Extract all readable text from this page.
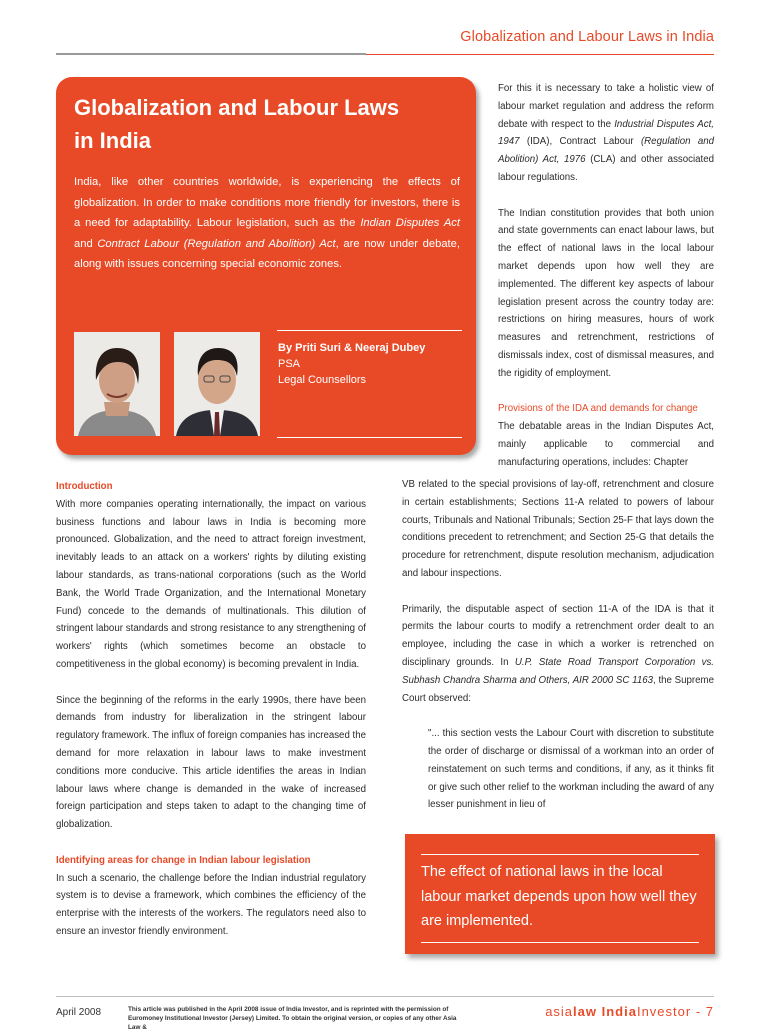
Globalization and Labour Laws in India
Globalization and Labour Laws
in India

India, like other countries worldwide, is experiencing the effects of globalization. In order to make conditions more friendly for investors, there is a need for adaptability. Labour legislation, such as the Indian Disputes Act and Contract Labour (Regulation and Abolition) Act, are now under debate, along with issues concerning special economic zones.

By Priti Suri & Neeraj Dubey
PSA
Legal Counsellors
Introduction

With more companies operating internationally, the impact on various business functions and labour laws in India is becoming more pronounced. Globalization, and the need to attract foreign investment, inevitably leads to an attack on a workers' rights by diluting existing labour standards, as trans-national corporations (such as the World Bank, the World Trade Organization, and the International Monetary Fund) concede to the demands of multinationals. This dilution of stringent labour standards and strong resistance to any strengthening of workers' rights (which sometimes become an obstacle to competitiveness in the global economy) is becoming prevalent in India.

Since the beginning of the reforms in the early 1990s, there have been demands from industry for liberalization in the stringent labour regulatory framework. The influx of foreign companies has increased the demand for more relaxation in labour laws to make investment conditions more conducive. This article identifies the areas in Indian labour laws where change is demanded in the wake of increased foreign participation and steps taken to adapt to the changing time of globalization.

Identifying areas for change in Indian labour legislation

In such a scenario, the challenge before the Indian industrial regulatory system is to devise a framework, which combines the efficiency of the enterprise with the interests of the workers. The regulators need also to ensure an investor friendly environment.

For this it is necessary to take a holistic view of labour market regulation and address the reform debate with respect to the Industrial Disputes Act, 1947 (IDA), Contract Labour (Regulation and Abolition) Act, 1976 (CLA) and other associated labour regulations.

The Indian constitution provides that both union and state governments can enact labour laws, but the effect of national laws in the local labour market depends upon how well they are implemented. The different key aspects of labour legislation present across the country today are: restrictions on hiring measures, hours of work measures and retrenchment, restrictions of dismissals index, cost of dismissal measures, and the rigidity of employment.

Provisions of the IDA and demands for change

The debatable areas in the Indian Disputes Act, mainly applicable to commercial and manufacturing operations, includes: Chapter

VB related to the special provisions of lay-off, retrenchment and closure in certain establishments; Sections 11-A related to powers of labour courts, Tribunals and National Tribunals; Section 25-F that lays down the conditions precedent to retrenchment; and Section 25-G that details the procedure for retrenchment, dispute resolution mechanism, adjudication and labour inspections.

Primarily, the disputable aspect of section 11-A of the IDA is that it permits the labour courts to modify a retrenchment order dealt to an employee, including the case in which a worker is retrenched on disciplinary grounds. In U.P. State Road Transport Corporation vs. Subhash Chandra Sharma and Others, AIR 2000 SC 1163, the Supreme Court observed:

"... this section vests the Labour Court with discretion to substitute the order of discharge or dismissal of a workman into an order of reinstatement on such terms and conditions, if any, as it thinks fit or give such other relief to the workman including the award of any lesser punishment in lieu of

The effect of national laws in the local labour market depends upon how well they are implemented.
April 2008	This article was published in the April 2008 issue of India Investor, and is reprinted with the permission of
Euromoney Institutional Investor (Jersey) Limited. To obtain the original version, or copies of any other Asia Law &
asialaw IndiaInvestor - 7
